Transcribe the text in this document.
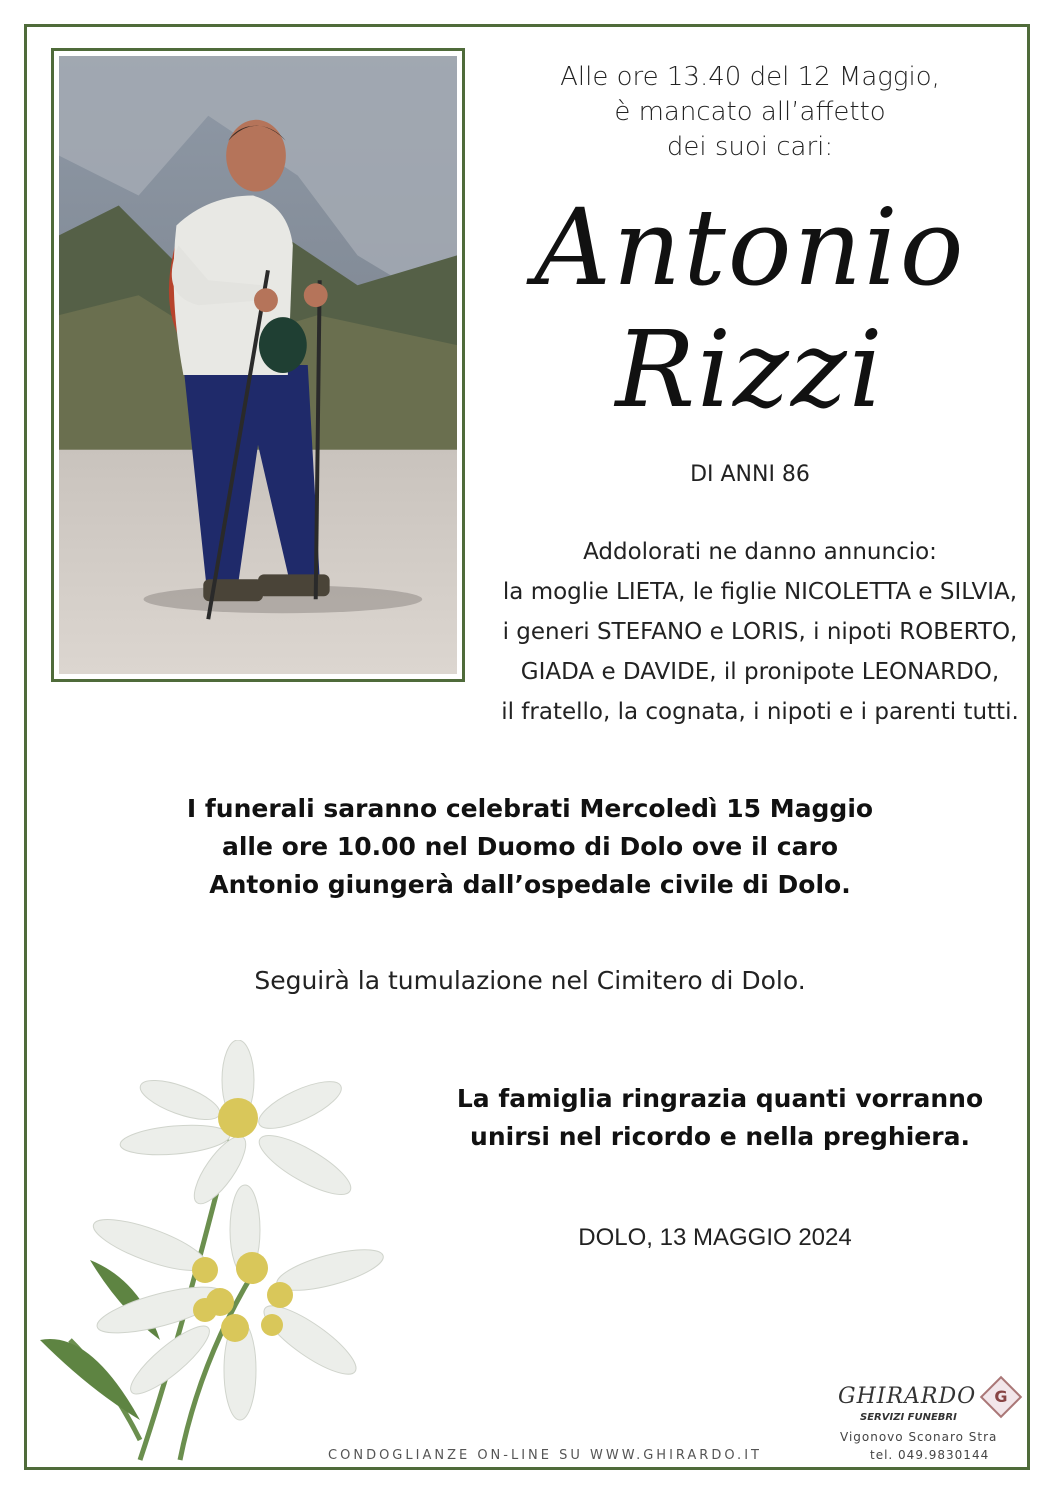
Alle ore 13.40 del 12 Maggio,
è mancato all’affetto
dei suoi cari:
Antonio
Rizzi
DI ANNI 86
Addolorati ne danno annuncio:
la moglie LIETA, le figlie NICOLETTA e SILVIA,
i generi STEFANO e LORIS, i nipoti ROBERTO,
GIADA e DAVIDE, il pronipote LEONARDO,
il fratello, la cognata, i nipoti e i parenti tutti.
I funerali saranno celebrati Mercoledì 15 Maggio
alle ore 10.00 nel Duomo di Dolo ove il caro
Antonio giungerà dall’ospedale civile di Dolo.
Seguirà la tumulazione nel Cimitero di Dolo.
La famiglia ringrazia quanti vorranno
unirsi nel ricordo e nella preghiera.
DOLO, 13 MAGGIO 2024
CONDOGLIANZE ON-LINE SU WWW.GHIRARDO.IT
GHIRARDO
SERVIZI FUNEBRI
G
Vigonovo Sconaro Stra
tel. 049.9830144
